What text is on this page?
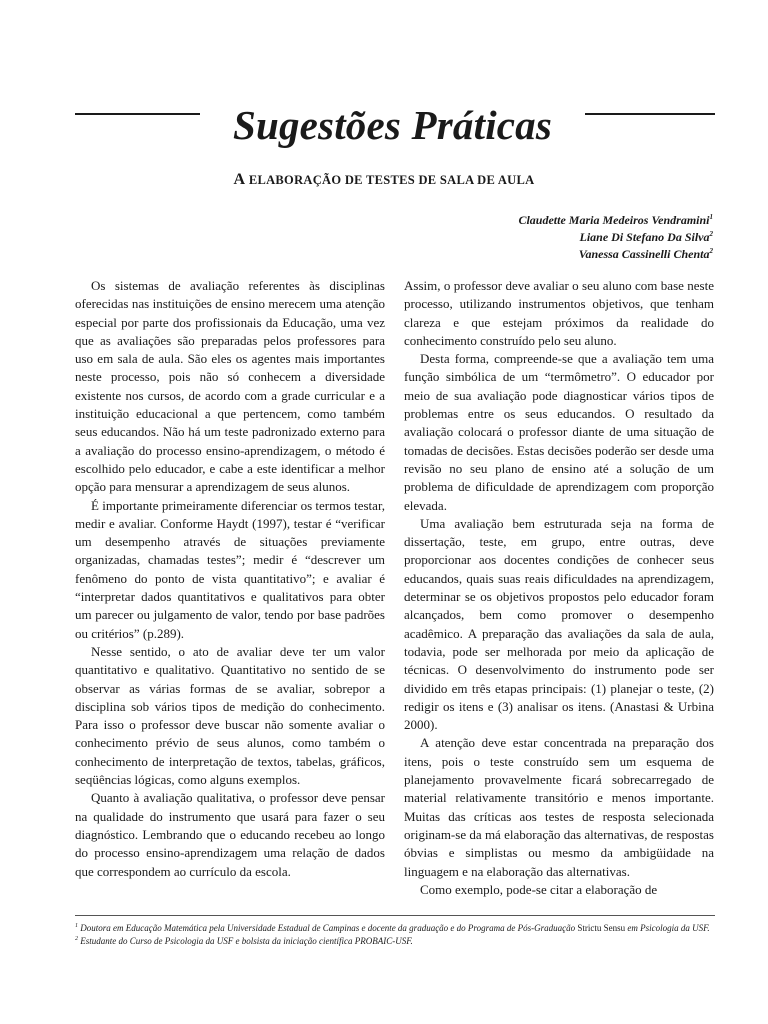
Sugestões Práticas
A ELABORAÇÃO DE TESTES DE SALA DE AULA
Claudette Maria Medeiros Vendramini$^1$
Liane Di Stefano Da Silva$^2$
Vanessa Cassinelli Chenta$^2$

Os sistemas de avaliação referentes às disciplinas oferecidas nas instituições de ensino merecem uma atenção especial por parte dos profissionais da Educação, uma vez que as avaliações são preparadas pelos professores para uso em sala de aula. São eles os agentes mais importantes neste processo, pois não só conhecem a diversidade existente nos cursos, de acordo com a grade curricular e a instituição educacional a que pertencem, como também seus educandos. Não há um teste padronizado externo para a avaliação do processo ensino-aprendizagem, o método é escolhido pelo educador, e cabe a este identificar a melhor opção para mensurar a aprendizagem de seus alunos.

É importante primeiramente diferenciar os termos testar, medir e avaliar. Conforme Haydt (1997), testar é “verificar um desempenho através de situações previamente organizadas, chamadas testes”; medir é “descrever um fenômeno do ponto de vista quantitativo”; e avaliar é “interpretar dados quantitativos e qualitativos para obter um parecer ou julgamento de valor, tendo por base padrões ou critérios” (p.289).

Nesse sentido, o ato de avaliar deve ter um valor quantitativo e qualitativo. Quantitativo no sentido de se observar as várias formas de se avaliar, sobrepor a disciplina sob vários tipos de medição do conhecimento. Para isso o professor deve buscar não somente avaliar o conhecimento prévio de seus alunos, como também o conhecimento de interpretação de textos, tabelas, gráficos, seqüências lógicas, como alguns exemplos.

Quanto à avaliação qualitativa, o professor deve pensar na qualidade do instrumento que usará para fazer o seu diagnóstico. Lembrando que o educando recebeu ao longo do processo ensino-aprendizagem uma relação de dados que correspondem ao currículo da escola.

Assim, o professor deve avaliar o seu aluno com base neste processo, utilizando instrumentos objetivos, que tenham clareza e que estejam próximos da realidade do conhecimento construído pelo seu aluno.

Desta forma, compreende-se que a avaliação tem uma função simbólica de um “termômetro”. O educador por meio de sua avaliação pode diagnosticar vários tipos de problemas entre os seus educandos. O resultado da avaliação colocará o professor diante de uma situação de tomadas de decisões. Estas decisões poderão ser desde uma revisão no seu plano de ensino até a solução de um problema de dificuldade de aprendizagem com proporção elevada.

Uma avaliação bem estruturada seja na forma de dissertação, teste, em grupo, entre outras, deve proporcionar aos docentes condições de conhecer seus educandos, quais suas reais dificuldades na aprendizagem, determinar se os objetivos propostos pelo educador foram alcançados, bem como promover o desempenho acadêmico. A preparação das avaliações da sala de aula, todavia, pode ser melhorada por meio da aplicação de técnicas. O desenvolvimento do instrumento pode ser dividido em três etapas principais: (1) planejar o teste, (2) redigir os itens e (3) analisar os itens. (Anastasi & Urbina 2000).

A atenção deve estar concentrada na preparação dos itens, pois o teste construído sem um esquema de planejamento provavelmente ficará sobrecarregado de material relativamente transitório e menos importante. Muitas das críticas aos testes de resposta selecionada originam-se da má elaboração das alternativas, de respostas óbvias e simplistas ou mesmo da ambigüidade na linguagem e na elaboração das alternativas.

Como exemplo, pode-se citar a elaboração de

$^1$ Doutora em Educação Matemática pela Universidade Estadual de Campinas e docente da graduação e do Programa de Pós-Graduação Strictu Sensu em Psicologia da USF.

$^2$ Estudante do Curso de Psicologia da USF e bolsista da iniciação científica PROBAIC-USF.
